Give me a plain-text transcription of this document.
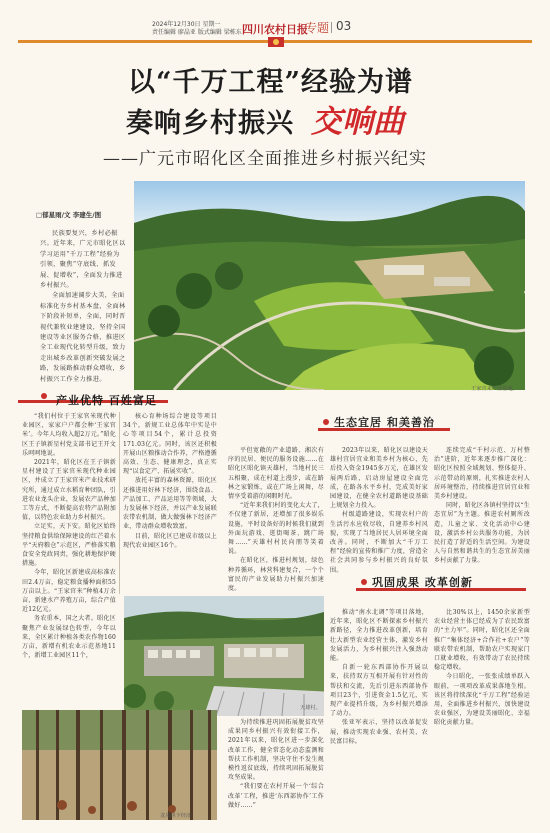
2024年12月30日 星期一
责任编辑 廖晶亚 版式编辑 梁栋东 四川农村日报
专题 03
以“千万工程”经验为谱
奏响乡村振兴 交响曲
——广元市昭化区全面推进乡村振兴纪实
□郁星雨/文 李建生/图

民族要复兴，乡村必振兴。近年来，广元市昭化区以学习运用“千万工程”经验为引领，聚焦“守底线、抓发展、促增收”，全面发力推进乡村振兴。

全面加速阔步大美，全面标准化夯乡村基本盘，全面林下阶段补短单，全面，同时晋视代兼牧业建建设，坚持全国建设等业区服务合格，推进区全工业现代化转型升级，致力走出城乡改革创新突破发展之路，发展路推动群众增收，乡村振兴工作全力推进。

王家肯来产业基地。
产业优特 百姓富足

“我们村位于王家官米现代种业园区，家家户户都会种‘王家官米’。今年人均收入超2万元。”昭化区王子镇新星村党支部书记王开文乐呵呵地说。

2021年，昭化区在王子镇新星村建设了王家官米现代种业园区，并成立了王家官米产业技术研究所，通过成立水稻育种团队，引进农业龙头企业，发展农产品种加工等方式，不断提高农特产品附加值，以特色农业助力乡村振兴。

立足实，天下安。昭化区始终坚持粮食供给保障建设的红芒着水平“天府粮仓”示范区，严格落实粮食安全党政同责，强化耕地保护硬措施。

今年，昭化区新建成高标准农田2.4万亩，稳定粮食播种面积55万亩以上。“王家官米”种植4万余亩，新建水产养殖万亩，综合产值近12亿元。

务农重本，国之大者。昭化区聚焦产业发展绿色转型，今年以来，全区累计种植各类农作物160万亩，新增有机农业示范基地11个，新增工业园区11个，

核心育种场综合建设等项目34个，新规工业总体年中实是中心等项目54个，累计总投资171.03亿元。同时，该区还积极开展山区粮推动合作养，产格遵循高效、生态、健康理念，真正实现“以食定产、拓展实收”。

放托丰富的森林资源，昭化区还推进用好林下经济，围绕食品、产品加工、产品运用等等领域，大力发展林下经济，并以产业发展联农带农机制，做大做强林下经济产业，带动群众增收致富。

目前，昭化区已建成市级以上现代农业园区16个。

生态宜居 和美善治

平但宽敞的产业道路、湘次有序的民居、便民的服务设施……在昭化区昭化镇天雄村，当地村民三五相聚，成在村道上漫步，或在路林之家锻炼，或在广场上闲舞，尽情享受着游的闲暇时光。

“近年来我们村的变化太大了，不仅建了新居，还增加了很多娱乐设施，平时设备好的时候我们就到外面玩游戏、逛街喝茶、跳广场舞……”天雄村村民向朋等笑着说。

在昭化区，推进村规划，绿色种养循环，林营科建复合，一个个富民的产业发展助力村振兴加速度。

2023年以来，昭化区以建设天雄村宜居宜业和美乡村为核心，先后投入资金1945多万元，在雄区发展两后路，启动房屋建设全面完成，在路各水平乡村，完成美好家园建设，在健全农村道路建设基础上规划全力投入。

村级道路建设，实现农村户的生活污水应收尽收，自建养乡村风貌，实现了当地居民人居环境全面改善。同时，不断加大“千万工程”经验的宣传和推广力度，营造全社会共同参与乡村振兴的良好氛围。

连续完成“千村示范、万村整治”进阶，近年来逐步推广深化：昭化区按照全域规划、整体提升、示范带动的原则，扎实推进农村人居环境整治，持续推进宜居宜业和美乡村建设。

同时，昭化区各镇村坚持以“生态宜居”为主题。推进农村厕所改造，儿童之家、文化活动中心建设，激活乡村公共服务功能，为居民打造了舒适的生活空间。为建设人与自然和谐共生的生态宜居美丽乡村贡献了力量。

天雄村。
龙凤林下经济。
巩固成果 改革创新

为持续推进巩固拓展脱贫攻坚成果同乡村振兴有效衔接工作，2021年以来，昭化区进一步深化改革工作，健全常态化动态监测和帮扶工作机制，坚决守住不发生规模性返贫底线，持续巩固拓展脱贫攻坚成果。

“我们要在农村开展一个‘综合改革’工程，推进‘东西部协作’工作做好……”

推动“南水北调”等项目落地，近年来，昭化区不断探索乡村振兴新路径，全力推进改革创新，培育壮大新型农业经营主体，激发乡村发展活力，为乡村振兴注入强劲动能。

自新一轮东西部协作开展以来，扶持双方互相开展有针对性的帮扶和交流，先后引进东西部协作项目23个，引进资金1.5亿元，实现产业提档升级，为乡村振兴增添了动力。

张亚军表示，坚持以改革促发展，推动实现农业强、农村美、农民富目标。

比30%以上，1450余家新型农业经营主体已经成为了农民致富的“主力军”。同时，昭化区还全面推广“集体经济+合作社+农户”等联农带农机制，帮助农户实现家门口就业增收，有效带动了农民持续稳定增收。

今日昭化，一张张成绩单跃入眼前，一项项改革成果落地生根。该区将持续深化“千万工程”经验运用，全面推进乡村振兴，加快建设农业强区，为建设美丽昭化、幸福昭化贡献力量。
